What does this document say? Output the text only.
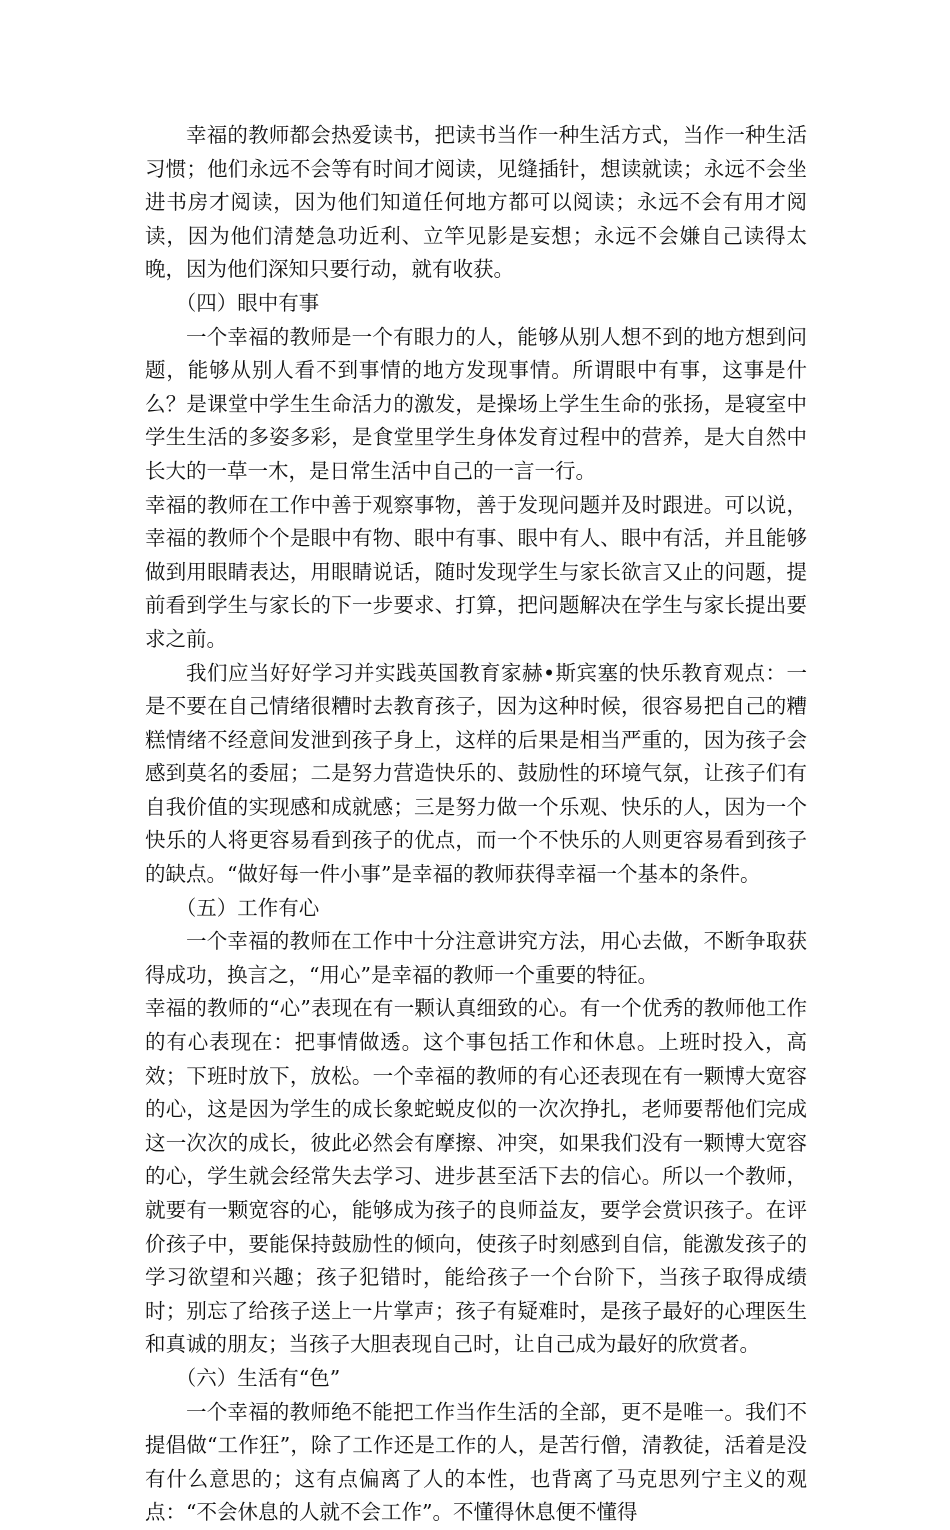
幸福的教师都会热爱读书，把读书当作一种生活方式，当作一种生活习惯；他们永远不会等有时间才阅读，见缝插针，想读就读；永远不会坐进书房才阅读，因为他们知道任何地方都可以阅读；永远不会有用才阅读，因为他们清楚急功近利、立竿见影是妄想；永远不会嫌自己读得太晚，因为他们深知只要行动，就有收获。

（四）眼中有事

一个幸福的教师是一个有眼力的人，能够从别人想不到的地方想到问题，能够从别人看不到事情的地方发现事情。所谓眼中有事，这事是什么？是课堂中学生生命活力的激发，是操场上学生生命的张扬，是寝室中学生生活的多姿多彩，是食堂里学生身体发育过程中的营养，是大自然中长大的一草一木，是日常生活中自己的一言一行。

幸福的教师在工作中善于观察事物，善于发现问题并及时跟进。可以说，幸福的教师个个是眼中有物、眼中有事、眼中有人、眼中有活，并且能够做到用眼睛表达，用眼睛说话，随时发现学生与家长欲言又止的问题，提前看到学生与家长的下一步要求、打算，把问题解决在学生与家长提出要求之前。

我们应当好好学习并实践英国教育家赫•斯宾塞的快乐教育观点：一是不要在自己情绪很糟时去教育孩子，因为这种时候，很容易把自己的糟糕情绪不经意间发泄到孩子身上，这样的后果是相当严重的，因为孩子会感到莫名的委屈；二是努力营造快乐的、鼓励性的环境气氛，让孩子们有自我价值的实现感和成就感；三是努力做一个乐观、快乐的人，因为一个快乐的人将更容易看到孩子的优点，而一个不快乐的人则更容易看到孩子的缺点。“做好每一件小事”是幸福的教师获得幸福一个基本的条件。

（五）工作有心

一个幸福的教师在工作中十分注意讲究方法，用心去做，不断争取获得成功，换言之，“用心”是幸福的教师一个重要的特征。

幸福的教师的“心”表现在有一颗认真细致的心。有一个优秀的教师他工作的有心表现在：把事情做透。这个事包括工作和休息。上班时投入，高效；下班时放下，放松。一个幸福的教师的有心还表现在有一颗博大宽容的心，这是因为学生的成长象蛇蜕皮似的一次次挣扎，老师要帮他们完成这一次次的成长，彼此必然会有摩擦、冲突，如果我们没有一颗博大宽容的心，学生就会经常失去学习、进步甚至活下去的信心。所以一个教师，就要有一颗宽容的心，能够成为孩子的良师益友，要学会赏识孩子。在评价孩子中，要能保持鼓励性的倾向，使孩子时刻感到自信，能激发孩子的学习欲望和兴趣；孩子犯错时，能给孩子一个台阶下，当孩子取得成绩时；别忘了给孩子送上一片掌声；孩子有疑难时，是孩子最好的心理医生和真诚的朋友；当孩子大胆表现自己时，让自己成为最好的欣赏者。

（六）生活有“色”

一个幸福的教师绝不能把工作当作生活的全部，更不是唯一。我们不提倡做“工作狂”，除了工作还是工作的人，是苦行僧，清教徒，活着是没有什么意思的；这有点偏离了人的本性，也背离了马克思列宁主义的观点：“不会休息的人就不会工作”。不懂得休息便不懂得
